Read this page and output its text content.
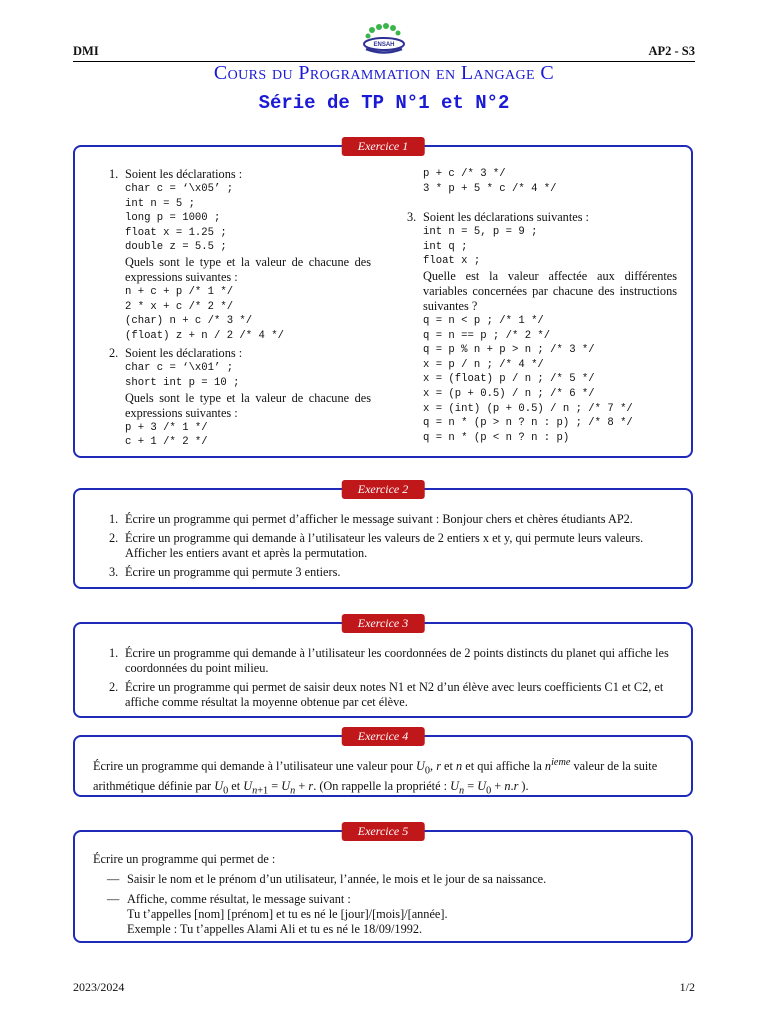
DMI	ENSAH	AP2 - S3
Cours du Programmation en Langage C
Série de TP N°1 et N°2
Exercice 1
1. Soient les déclarations :
char c = ‘\x05’ ;
int n = 5 ;
long p = 1000 ;
float x = 1.25 ;
double z = 5.5 ;
Quels sont le type et la valeur de chacune des expressions suivantes :
n + c + p /* 1 */
2 * x + c /* 2 */
(char) n + c /* 3 */
(float) z + n / 2 /* 4 */
2. Soient les déclarations :
char c = ‘\x01’ ;
short int p = 10 ;
Quels sont le type et la valeur de chacune des expressions suivantes :
p + 3 /* 1 */
c + 1 /* 2 */
p + c /* 3 */
3 * p + 5 * c /* 4 */
3. Soient les déclarations suivantes :
int n = 5, p = 9 ;
int q ;
float x ;
Quelle est la valeur affectée aux différentes variables concernées par chacune des instructions suivantes ?
q = n < p ; /* 1 */
q = n == p ; /* 2 */
q = p % n + p > n ; /* 3 */
x = p / n ; /* 4 */
x = (float) p / n ; /* 5 */
x = (p + 0.5) / n ; /* 6 */
x = (int) (p + 0.5) / n ; /* 7 */
q = n * (p > n ? n : p) ; /* 8 */
q = n * (p < n ? n : p)
Exercice 2
1. Écrire un programme qui permet d’afficher le message suivant : Bonjour chers et chères étudiants AP2.
2. Écrire un programme qui demande à l’utilisateur les valeurs de 2 entiers x et y, qui permute leurs valeurs. Afficher les entiers avant et après la permutation.
3. Écrire un programme qui permute 3 entiers.
Exercice 3
1. Écrire un programme qui demande à l’utilisateur les coordonnées de 2 points distincts du planet qui affiche les coordonnées du point milieu.
2. Écrire un programme qui permet de saisir deux notes N1 et N2 d’un élève avec leurs coefficients C1 et C2, et affiche comme résultat la moyenne obtenue par cet élève.
Exercice 4
Écrire un programme qui demande à l’utilisateur une valeur pour $U_0$, r et n et qui affiche la $n^{ieme}$ valeur de la suite arithmétique définie par $U_0$ et $U_{n+1} = U_n + r$. (On rappelle la propriété : $U_n = U_0 + n.r$ ).
Exercice 5
Écrire un programme qui permet de :
— Saisir le nom et le prénom d’un utilisateur, l’année, le mois et le jour de sa naissance.
— Affiche, comme résultat, le message suivant :
Tu t’appelles [nom] [prénom] et tu es né le [jour]/[mois]/[année].
Exemple : Tu t’appelles Alami Ali et tu es né le 18/09/1992.
2023/2024	1/2
